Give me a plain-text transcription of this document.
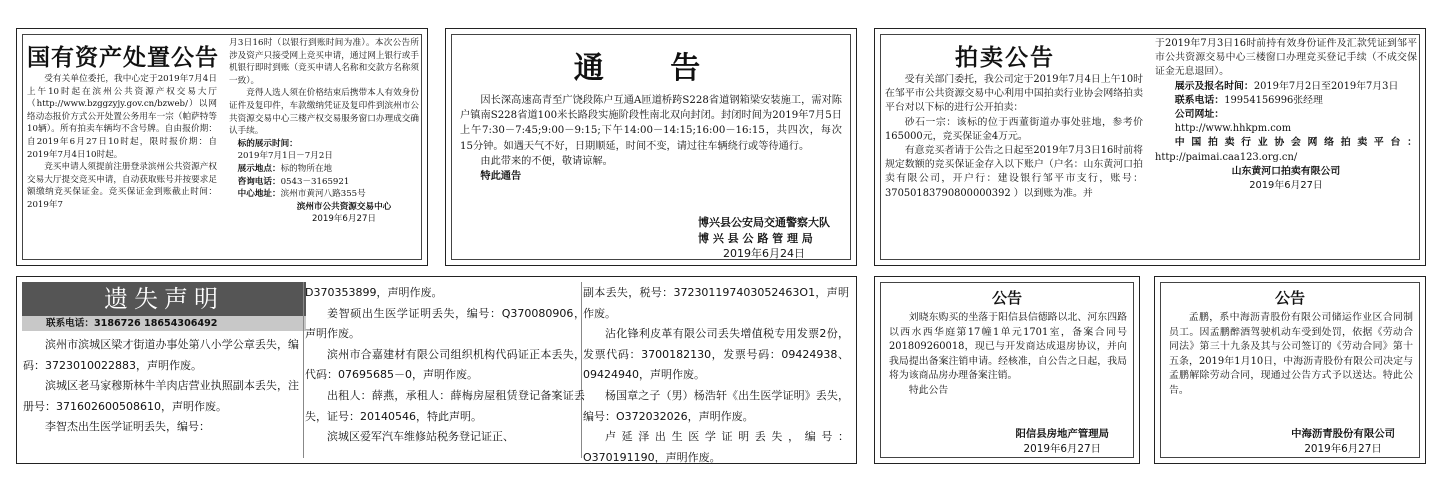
国有资产处置公告

受有关单位委托，我中心定于2019年7月4日上午10时起在滨州公共资源产权交易大厅（http://www.bzggzyjy.gov.cn/bzweb/）以网络动态报价方式公开处置公务用车一宗（帕萨特等10辆）。所有拍卖车辆均不含号牌。自由报价期：自2019年6月27日10时起，限时报价期：自2019年7月4日10时起。

竞买申请人须提前注册登录滨州公共资源产权交易大厅提交竞买申请，自动获取账号并按要求足额缴纳竞买保证金。竞买保证金到账截止时间：2019年7

月3日16时（以银行到账时间为准）。本次公告所涉及资产只接受网上竞买申请，通过网上银行或手机银行即时到账（竞买申请人名称和交款方名称须一致）。

竞得人选人须在价格结束后携带本人有效身份证件及复印件，车款缴纳凭证及复印件到滨州市公共资源交易中心三楼产权交易服务窗口办理成交确认手续。

标的展示时间：
2019年7月1日－7月2日
展示地点：标的物所在地
咨询电话：0543－3165921
中心地址：滨州市黄河八路355号
滨州市公共资源交易中心
2019年6月27日
通 告

因长深高速高青至广饶段陈户互通A匝道桥跨S228省道钢箱梁安装施工，需对陈户镇南S228省道100米长路段实施阶段性南北双向封闭。封闭时间为2019年7月5日上午7:30－7:45;9:00－9:15;下午14:00－14:15;16:00－16:15，共四次，每次15分钟。如遇天气不好，日期顺延，时间不变，请过往车辆绕行或等待通行。

由此带来的不便，敬请谅解。

特此通告

博兴县公安局交通警察大队
博 兴 县 公 路 管 理 局
2019年6月24日
拍卖公告

受有关部门委托，我公司定于2019年7月4日上午10时在邹平市公共资源交易中心利用中国拍卖行业协会网络拍卖平台对以下标的进行公开拍卖：

砂石一宗：该标的位于西董街道办事处驻地，参考价165000元，竞买保证金4万元。

有意竞买者请于公告之日起至2019年7月3日16时前将规定数额的竞买保证金存入以下账户（户名：山东黄河口拍卖有限公司，开户行：建设银行邹平市支行，账号：37050183790800000392 ）以到账为准。并

于2019年7月3日16时前持有效身份证件及汇款凭证到邹平市公共资源交易中心三楼窗口办理竞买登记手续（不成交保证金无息退回）。

展示及报名时间：2019年7月2日至2019年7月3日

联系电话：19954156996张经理

公司网址：

http://www.hhkpm.com

中国拍卖行业协会网络拍卖平台：http://paimai.caa123.org.cn/

山东黄河口拍卖有限公司

2019年6月27日

遗失声明
联系电话：3186726 18654306492

滨州市滨城区梁才街道办事处第八小学公章丢失，编码：3723010022883，声明作废。

滨城区老马家穆斯林牛羊肉店营业执照副本丢失，注册号：371602600508610，声明作废。

李智杰出生医学证明丢失，编号：

D370353899，声明作废。

姜智硕出生医学证明丢失，编号：Q370080906，声明作废。

滨州市合嘉建材有限公司组织机构代码证正本丢失，代码：07695685－0，声明作废。

出租人：薛燕，承租人：薛梅房屋租赁登记备案证丢失，证号：20140546，特此声明。

滨城区爱军汽车维修站税务登记证正、

副本丢失，税号：372301197403052463O1，声明作废。

沾化锋利皮革有限公司丢失增值税专用发票2份，发票代码：3700182130，发票号码：09424938、09424940，声明作废。

杨国章之子（男）杨浩轩《出生医学证明》丢失，编号：O372032026，声明作废。

卢延泽出生医学证明丢失，编号：O370191190，声明作废。

公告

刘晓东购买的坐落于阳信县信德路以北、河东四路以西水西华庭第17幢1单元1701室，备案合同号201809260018，现已与开发商达成退房协议，并向我局提出备案注销申请。经核准，自公告之日起，我局将为该商品房办理备案注销。

特此公告

阳信县房地产管理局
2019年6月27日
公告

孟鹏，系中海沥青股份有限公司储运作业区合同制员工。因孟鹏醉酒驾驶机动车受到处罚，依据《劳动合同法》第三十九条及其与公司签订的《劳动合同》第十五条，2019年1月10日，中海沥青股份有限公司决定与孟鹏解除劳动合同，现通过公告方式予以送达。特此公告。

中海沥青股份有限公司
2019年6月27日
